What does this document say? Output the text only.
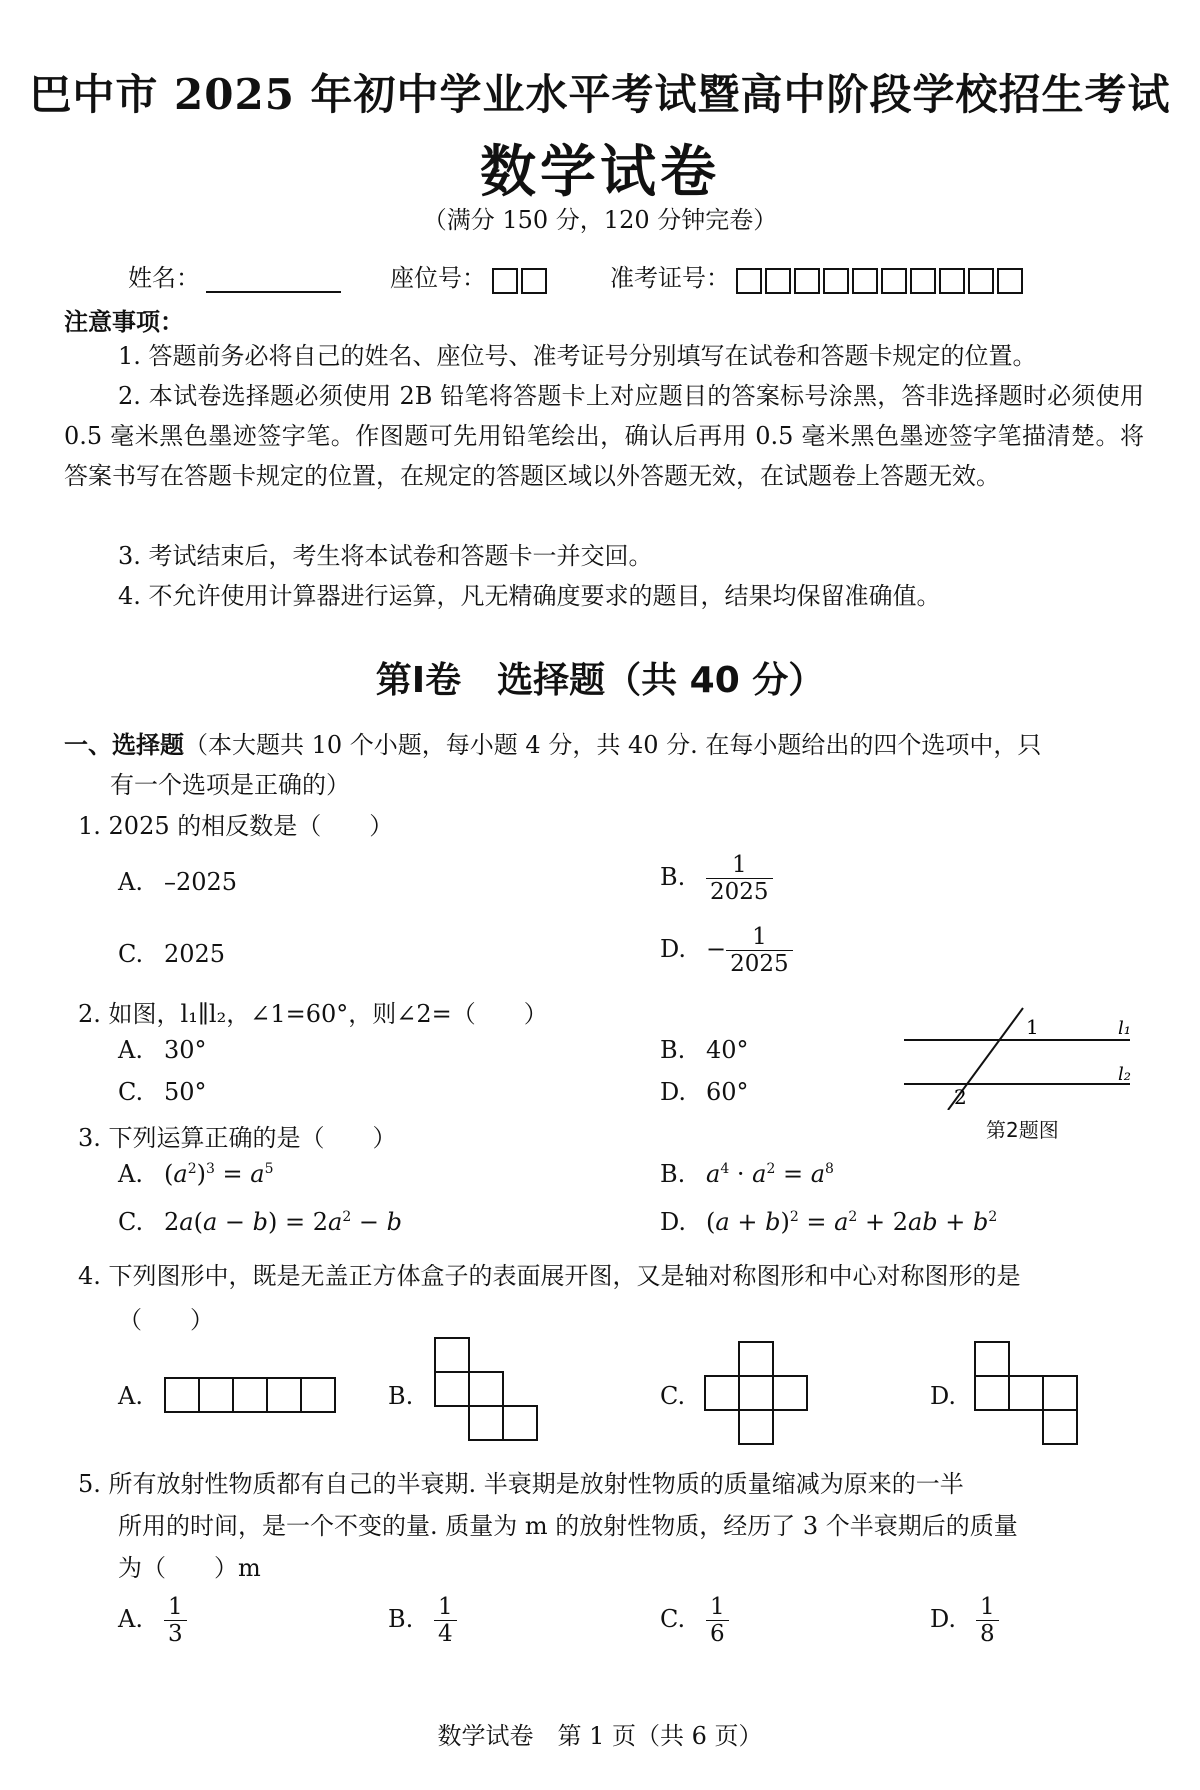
巴中市 2025 年初中学业水平考试暨高中阶段学校招生考试
数学试卷
（满分 150 分，120 分钟完卷）
姓名：	座位号：	准考证号：
注意事项：
1. 答题前务必将自己的姓名、座位号、准考证号分别填写在试卷和答题卡规定的位置。
2. 本试卷选择题必须使用 2B 铅笔将答题卡上对应题目的答案标号涂黑，答非选择题时必须使用 0.5 毫米黑色墨迹签字笔。作图题可先用铅笔绘出，确认后再用 0.5 毫米黑色墨迹签字笔描清楚。将答案书写在答题卡规定的位置，在规定的答题区域以外答题无效，在试题卷上答题无效。
3. 考试结束后，考生将本试卷和答题卡一并交回。
4. 不允许使用计算器进行运算，凡无精确度要求的题目，结果均保留准确值。
第Ⅰ卷　选择题（共 40 分）
一、选择题（本大题共 10 个小题，每小题 4 分，共 40 分. 在每小题给出的四个选项中，只
有一个选项是正确的）
1. 2025 的相反数是（　　）
A. –2025	B. $\frac{1}{2025}$
C. 2025	D. − $\frac{1}{2025}$
2. 如图，l₁∥l₂，∠1=60°，则∠2=（　　）
A. 30°	B. 40°
C. 50°	D. 60°
1
2
l₁
l₂
第2题图
3. 下列运算正确的是（　　）
A. $(a^2)^3 = a^5$	B. $a^4 \cdot a^2 = a^8$
C. $2a(a - b) = 2a^2 - b$	D. $(a + b)^2 = a^2 + 2ab + b^2$
4. 下列图形中，既是无盖正方体盒子的表面展开图，又是轴对称图形和中心对称图形的是
（　　）
A.	B.	C.	D.
5. 所有放射性物质都有自己的半衰期. 半衰期是放射性物质的质量缩减为原来的一半
所用的时间，是一个不变的量. 质量为 m 的放射性物质，经历了 3 个半衰期后的质量
为（　　）m
A. $\frac{1}{3}$	B. $\frac{1}{4}$	C. $\frac{1}{6}$	D. $\frac{1}{8}$
数学试卷　第 1 页（共 6 页）
